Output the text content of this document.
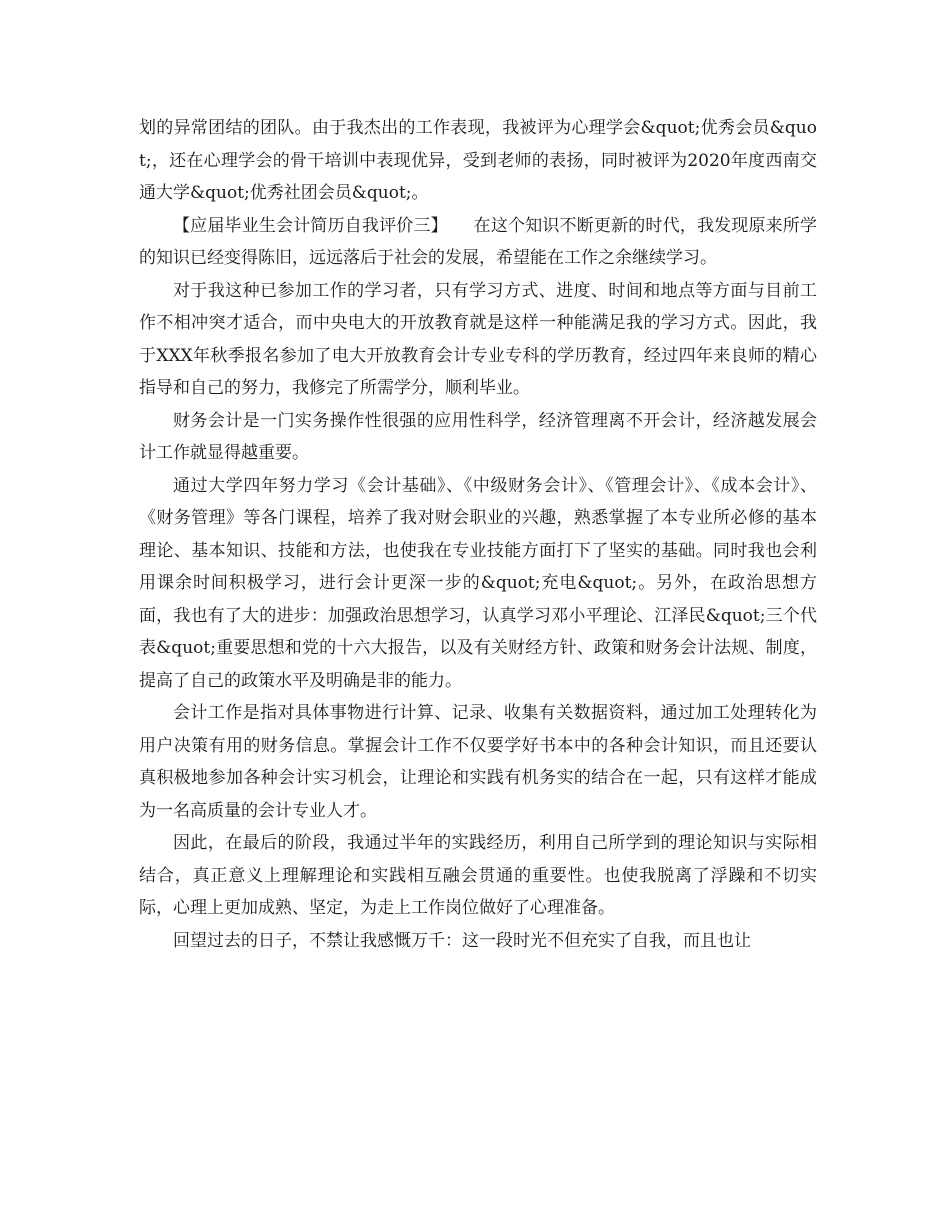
划的异常团结的团队。由于我杰出的工作表现，我被评为心理学会&quot;优秀会员&quot;，还在心理学会的骨干培训中表现优异，受到老师的表扬，同时被评为2020年度西南交通大学&quot;优秀社团会员&quot;。

【应届毕业生会计简历自我评价三】　　在这个知识不断更新的时代，我发现原来所学的知识已经变得陈旧，远远落后于社会的发展，希望能在工作之余继续学习。

对于我这种已参加工作的学习者，只有学习方式、进度、时间和地点等方面与目前工作不相冲突才适合，而中央电大的开放教育就是这样一种能满足我的学习方式。因此，我于XXX年秋季报名参加了电大开放教育会计专业专科的学历教育，经过四年来良师的精心指导和自己的努力，我修完了所需学分，顺利毕业。

财务会计是一门实务操作性很强的应用性科学，经济管理离不开会计，经济越发展会计工作就显得越重要。

通过大学四年努力学习《会计基础》、《中级财务会计》、《管理会计》、《成本会计》、《财务管理》等各门课程，培养了我对财会职业的兴趣，熟悉掌握了本专业所必修的基本理论、基本知识、技能和方法，也使我在专业技能方面打下了坚实的基础。同时我也会利用课余时间积极学习，进行会计更深一步的&quot;充电&quot;。另外，在政治思想方面，我也有了大的进步：加强政治思想学习，认真学习邓小平理论、江泽民&quot;三个代表&quot;重要思想和党的十六大报告，以及有关财经方针、政策和财务会计法规、制度，提高了自己的政策水平及明确是非的能力。

会计工作是指对具体事物进行计算、记录、收集有关数据资料，通过加工处理转化为用户决策有用的财务信息。掌握会计工作不仅要学好书本中的各种会计知识，而且还要认真积极地参加各种会计实习机会，让理论和实践有机务实的结合在一起，只有这样才能成为一名高质量的会计专业人才。

因此，在最后的阶段，我通过半年的实践经历，利用自己所学到的理论知识与实际相结合，真正意义上理解理论和实践相互融会贯通的重要性。也使我脱离了浮躁和不切实际，心理上更加成熟、坚定，为走上工作岗位做好了心理准备。

回望过去的日子，不禁让我感慨万千：这一段时光不但充实了自我，而且也让
